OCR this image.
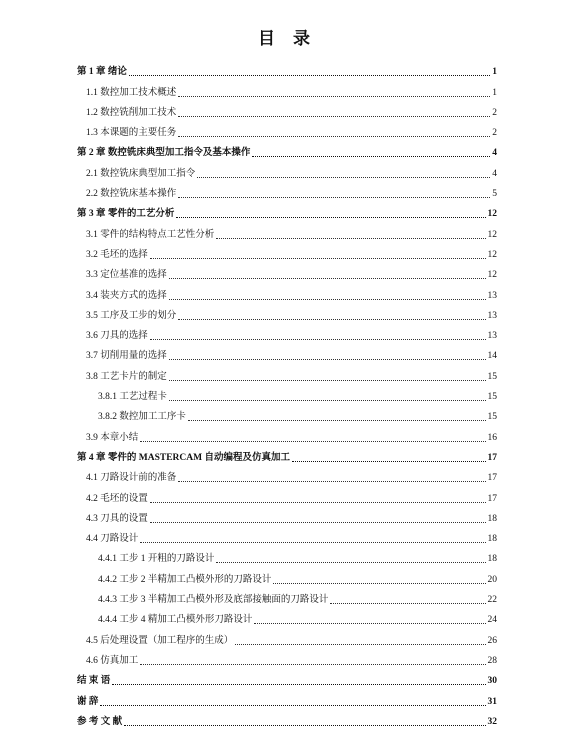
目 录
第 1 章 绪论	1
1.1 数控加工技术概述	1
1.2 数控铣削加工技术	2
1.3 本课题的主要任务	2
第 2 章 数控铣床典型加工指令及基本操作	4
2.1 数控铣床典型加工指令	4
2.2 数控铣床基本操作	5
第 3 章 零件的工艺分析	12
3.1 零件的结构特点工艺性分析	12
3.2 毛坯的选择	12
3.3 定位基准的选择	12
3.4 装夹方式的选择	13
3.5 工序及工步的划分	13
3.6 刀具的选择	13
3.7 切削用量的选择	14
3.8 工艺卡片的制定	15
3.8.1 工艺过程卡	15
3.8.2 数控加工工序卡	15
3.9 本章小结	16
第 4 章 零件的 MASTERCAM 自动编程及仿真加工	17
4.1 刀路设计前的准备	17
4.2 毛坯的设置	17
4.3 刀具的设置	18
4.4 刀路设计	18
4.4.1 工步 1 开粗的刀路设计	18
4.4.2 工步 2 半精加工凸模外形的刀路设计	20
4.4.3 工步 3 半精加工凸模外形及底部接触面的刀路设计	22
4.4.4 工步 4 精加工凸模外形刀路设计	24
4.5 后处理设置（加工程序的生成）	26
4.6 仿真加工	28
结 束 语	30
谢 辞	31
参 考 文 献	32
